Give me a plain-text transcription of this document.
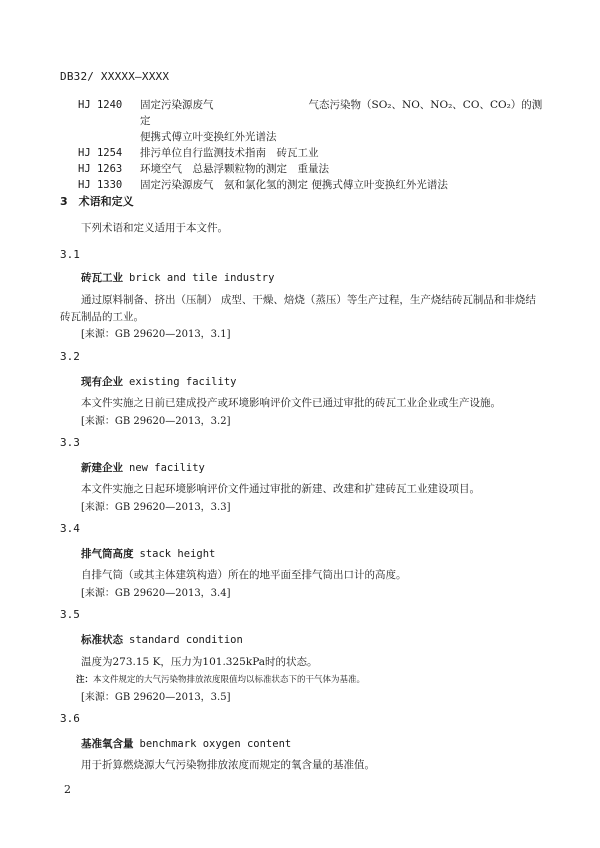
DB32/ XXXXX—XXXX
HJ 1240	固定污染源废气	气态污染物（SO₂、NO、NO₂、CO、CO₂）的测定
便携式傅立叶变换红外光谱法
HJ 1254	排污单位自行监测技术指南　砖瓦工业
HJ 1263	环境空气　总悬浮颗粒物的测定　重量法
HJ 1330	固定污染源废气　氨和氯化氢的测定 便携式傅立叶变换红外光谱法
3　术语和定义
下列术语和定义适用于本文件。
3.1
砖瓦工业 brick and tile industry
通过原料制备、挤出（压制） 成型、干燥、焙烧（蒸压）等生产过程，生产烧结砖瓦制品和非烧结砖瓦制品的工业。
[来源：GB 29620—2013，3.1]
3.2
现有企业 existing facility
本文件实施之日前已建成投产或环境影响评价文件已通过审批的砖瓦工业企业或生产设施。
[来源：GB 29620—2013，3.2]
3.3
新建企业 new facility
本文件实施之日起环境影响评价文件通过审批的新建、改建和扩建砖瓦工业建设项目。
[来源：GB 29620—2013，3.3]
3.4
排气筒高度 stack height
自排气筒（或其主体建筑构造）所在的地平面至排气筒出口计的高度。
[来源：GB 29620—2013，3.4]
3.5
标准状态 standard condition
温度为273.15 K，压力为101.325kPa时的状态。
注：本文件规定的大气污染物排放浓度限值均以标准状态下的干气体为基准。
[来源：GB 29620—2013，3.5]
3.6
基准氧含量 benchmark oxygen content
用于折算燃烧源大气污染物排放浓度而规定的氧含量的基准值。
2
